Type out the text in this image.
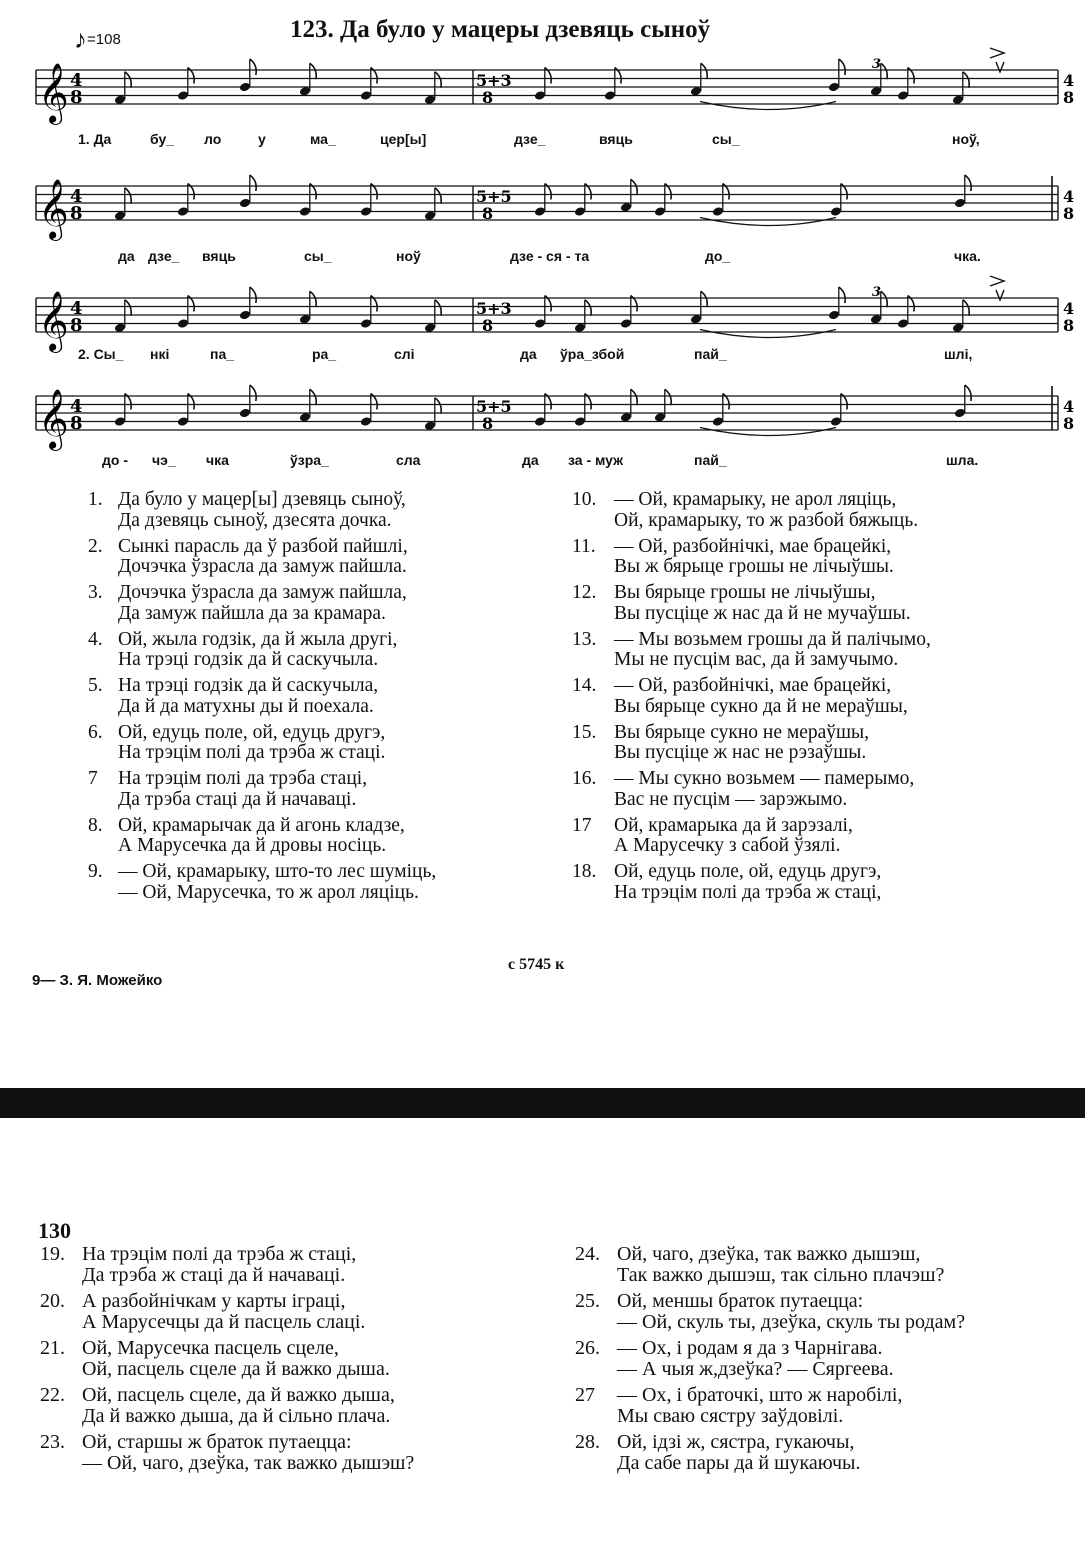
♪=108	123. Да було у мацеры дзевяць сыноў
𝄞 4
8
5+3
8
4
8
3
𝄞 4
8
5+5
8
4
8
𝄞 4
8
5+3
8
4
8
3
𝄞 4
8
5+5
8
4
8
1. Да	бу_ ло	у	ма_	цер[ы]	дзе_	вяць	сы_	ноў,
да дзе_ вяць	сы_	ноў	дзе - ся - та	до_	чка.
2. Сы_ нкі	па_	ра_	слі	да ўра_збой	пай_	шлі,
до - чэ_ чка	ўзра_	сла	да за - муж	пай_	шла.
1. Да було у мацер[ы] дзевяць сыноў,
Да дзевяць сыноў, дзесята дочка.
2. Сынкі парасль да ў разбой пайшлі,
Дочэчка ўзрасла да замуж пайшла.
3. Дочэчка ўзрасла да замуж пайшла,
Да замуж пайшла да за крамара.
4. Ой, жыла годзік, да й жыла другі,
На трэці годзік да й саскучыла.
5. На трэці годзік да й саскучыла,
Да й да матухны ды й поехала.
6. Ой, едуць поле, ой, едуць другэ,
На трэцім полі да трэба ж стаці.
7	На трэцім полі да трэба стаці,
Да трэба стаці да й начаваці.
8. Ой, крамарычак да й агонь кладзе,
А Марусечка да й дровы носіць.
9. — Ой, крамарыку, што-то лес шуміць,
— Ой, Марусечка, то ж арол ляціць.
10. — Ой, крамарыку, не арол ляціць,
Ой, крамарыку, то ж разбой бяжыць.
11. — Ой, разбойнічкі, мае брацейкі,
Вы ж бярыце грошы не лічыўшы.
12. Вы бярыце грошы не лічыўшы,
Вы пусціце ж нас да й не мучаўшы.
13. — Мы возьмем грошы да й палічымо,
Мы не пусцім вас, да й замучымо.
14. — Ой, разбойнічкі, мае брацейкі,
Вы бярыце сукно да й не мераўшы,
15. Вы бярыце сукно не мераўшы,
Вы пусціце ж нас не рэзаўшы.
16. — Мы сукно возьмем — памерымо,
Вас не пусцім — зарэжымо.
17	Ой, крамарыка да й зарэзалі,
А Марусечку з сабой ўзялі.
18. Ой, едуць поле, ой, едуць другэ,
На трэцім полі да трэба ж стаці,
с 5745 к
9— З. Я. Можейко
130
19. На трэцім полі да трэба ж стаці,
Да трэба ж стаці да й начаваці.
20. А разбойнічкам у карты іграці,
А Марусечцы да й пасцель слаці.
21. Ой, Марусечка пасцель сцеле,
Ой, пасцель сцеле да й важко дыша.
22. Ой, пасцель сцеле, да й важко дыша,
Да й важко дыша, да й сільно плача.
23. Ой, старшы ж браток путаецца:
— Ой, чаго, дзеўка, так важко дышэш?
24. Ой, чаго, дзеўка, так важко дышэш,
Так важко дышэш, так сільно плачэш?
25. Ой, меншы браток путаецца:
— Ой, скуль ты, дзеўка, скуль ты родам?
26. — Ох, і родам я да з Чарнігава.
— А чыя ж,дзеўка? — Сяргеева.
27	— Ох, і браточкі, што ж наробілі,
Мы сваю сястру заўдовілі.
28. Ой, ідзі ж, сястра, гукаючы,
Да сабе пары да й шукаючы.
